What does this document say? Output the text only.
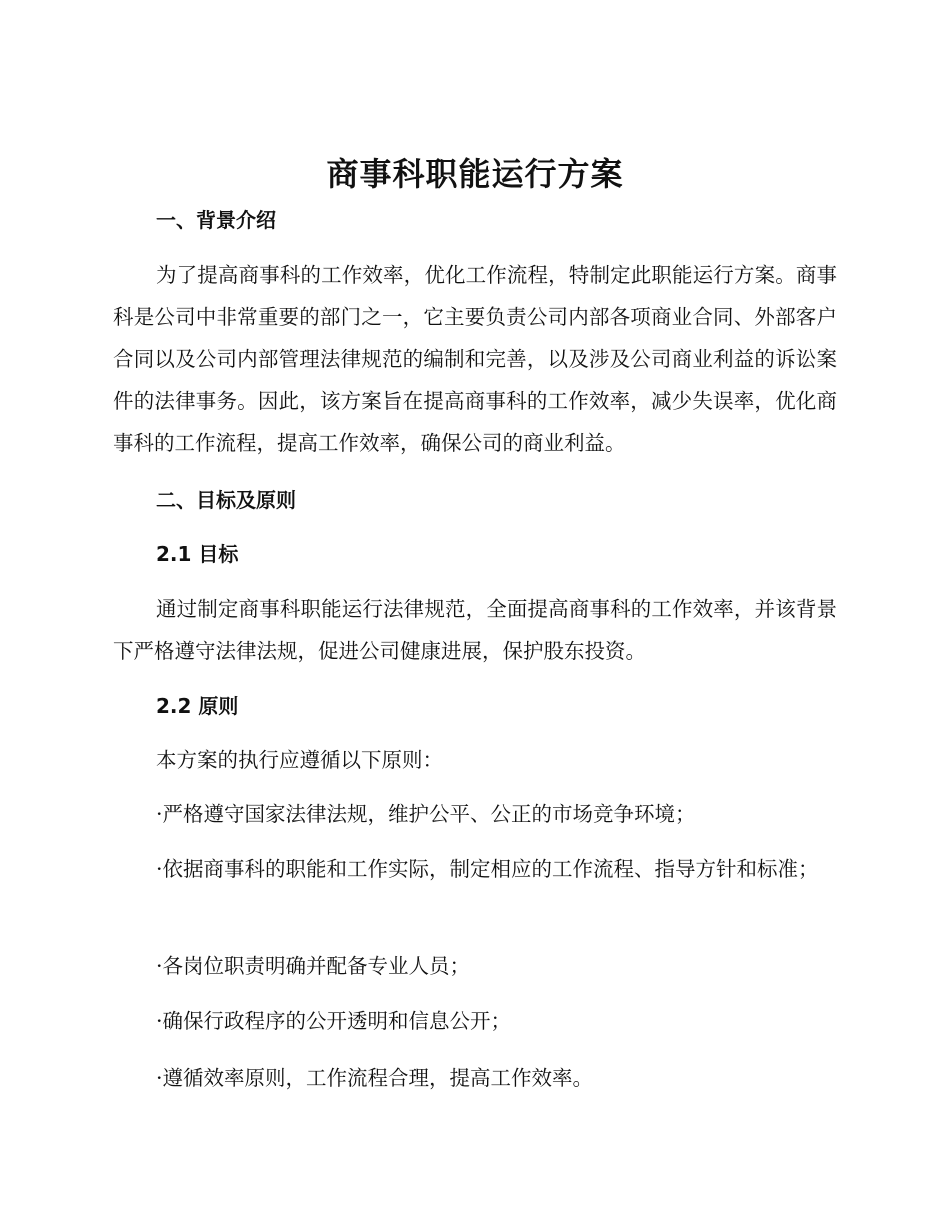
商事科职能运行方案
一、背景介绍

为了提高商事科的工作效率，优化工作流程，特制定此职能运行方案。商事科是公司中非常重要的部门之一，它主要负责公司内部各项商业合同、外部客户合同以及公司内部管理法律规范的编制和完善，以及涉及公司商业利益的诉讼案件的法律事务。因此，该方案旨在提高商事科的工作效率，减少失误率，优化商事科的工作流程，提高工作效率，确保公司的商业利益。

二、目标及原则
2.1 目标

通过制定商事科职能运行法律规范，全面提高商事科的工作效率，并该背景下严格遵守法律法规，促进公司健康进展，保护股东投资。

2.2 原则
本方案的执行应遵循以下原则：

·严格遵守国家法律法规，维护公平、公正的市场竞争环境；

·依据商事科的职能和工作实际，制定相应的工作流程、指导方针和标准；

·各岗位职责明确并配备专业人员；

·确保行政程序的公开透明和信息公开；

·遵循效率原则，工作流程合理，提高工作效率。
